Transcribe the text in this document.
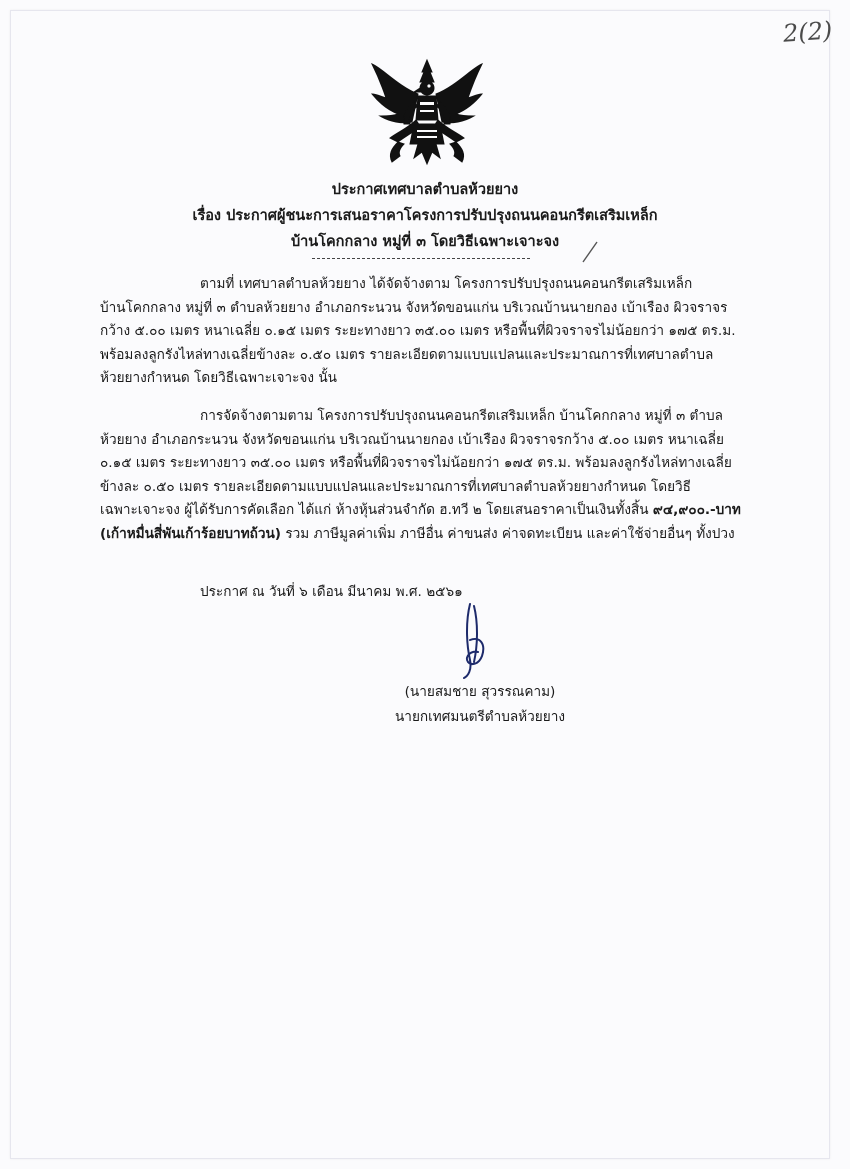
2(2)
ประกาศเทศบาลตำบลห้วยยาง
เรื่อง ประกาศผู้ชนะการเสนอราคาโครงการปรับปรุงถนนคอนกรีตเสริมเหล็ก
บ้านโคกกลาง หมู่ที่ ๓ โดยวิธีเฉพาะเจาะจง
ตามที่ เทศบาลตำบลห้วยยาง ได้จัดจ้างตาม โครงการปรับปรุงถนนคอนกรีตเสริมเหล็ก
บ้านโคกกลาง หมู่ที่ ๓ ตำบลห้วยยาง อำเภอกระนวน จังหวัดขอนแก่น บริเวณบ้านนายกอง เบ้าเรือง ผิวจราจร
กว้าง ๕.๐๐ เมตร หนาเฉลี่ย ๐.๑๕ เมตร ระยะทางยาว ๓๕.๐๐ เมตร หรือพื้นที่ผิวจราจรไม่น้อยกว่า ๑๗๕ ตร.ม.
พร้อมลงลูกรังไหล่ทางเฉลี่ยข้างละ ๐.๕๐ เมตร รายละเอียดตามแบบแปลนและประมาณการที่เทศบาลตำบล
ห้วยยางกำหนด โดยวิธีเฉพาะเจาะจง นั้น
การจัดจ้างตามตาม โครงการปรับปรุงถนนคอนกรีตเสริมเหล็ก บ้านโคกกลาง หมู่ที่ ๓ ตำบล
ห้วยยาง อำเภอกระนวน จังหวัดขอนแก่น บริเวณบ้านนายกอง เบ้าเรือง ผิวจราจรกว้าง ๕.๐๐ เมตร หนาเฉลี่ย
๐.๑๕ เมตร ระยะทางยาว ๓๕.๐๐ เมตร หรือพื้นที่ผิวจราจรไม่น้อยกว่า ๑๗๕ ตร.ม. พร้อมลงลูกรังไหล่ทางเฉลี่ย
ข้างละ ๐.๕๐ เมตร รายละเอียดตามแบบแปลนและประมาณการที่เทศบาลตำบลห้วยยางกำหนด โดยวิธี
เฉพาะเจาะจง ผู้ได้รับการคัดเลือก ได้แก่ ห้างหุ้นส่วนจำกัด ฮ.ทวี ๒ โดยเสนอราคาเป็นเงินทั้งสิ้น ๙๔,๙๐๐.-บาท
(เก้าหมื่นสี่พันเก้าร้อยบาทถ้วน) รวม ภาษีมูลค่าเพิ่ม ภาษีอื่น ค่าขนส่ง ค่าจดทะเบียน และค่าใช้จ่ายอื่นๆ ทั้งปวง
ประกาศ ณ วันที่ ๖ เดือน มีนาคม พ.ศ. ๒๕๖๑
(นายสมชาย สุวรรณคาม)
นายกเทศมนตรีตำบลห้วยยาง
